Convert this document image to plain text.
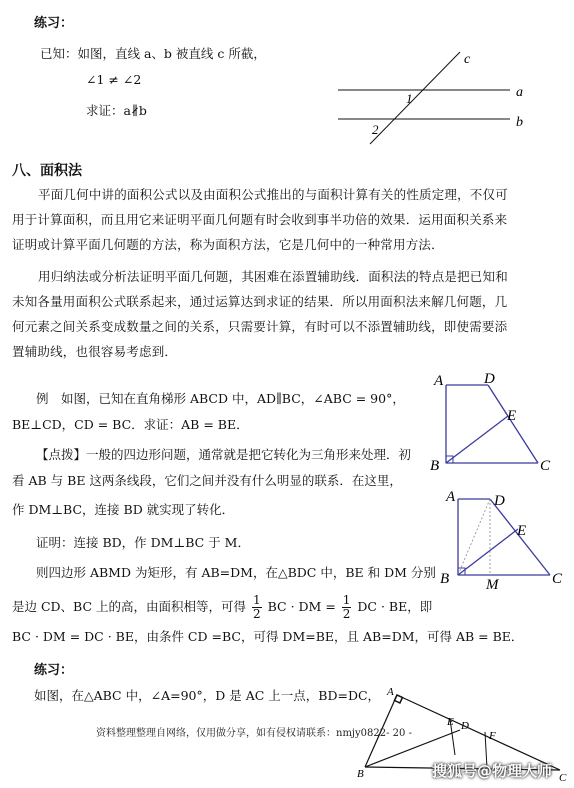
练习：
已知：如图，直线 a、b 被直线 c 所截，
∠1 ≠ ∠2
求证：a∦b
c
a
b
1
2
八、面积法
平面几何中讲的面积公式以及由面积公式推出的与面积计算有关的性质定理，不仅可用于计算面积，而且用它来证明平面几何题有时会收到事半功倍的效果．运用面积关系来证明或计算平面几何题的方法，称为面积方法，它是几何中的一种常用方法．
用归纳法或分析法证明平面几何题，其困难在添置辅助线．面积法的特点是把已知和未知各量用面积公式联系起来，通过运算达到求证的结果．所以用面积法来解几何题，几何元素之间关系变成数量之间的关系，只需要计算，有时可以不添置辅助线，即使需要添置辅助线，也很容易考虑到．
例　如图，已知在直角梯形 ABCD 中，AD∥BC，∠ABC = 90°，
BE⊥CD，CD = BC．求证：AB = BE．
【点拨】一般的四边形问题，通常就是把它转化为三角形来处理．初
看 AB 与 BE 这两条线段，它们之间并没有什么明显的联系．在这里，
作 DM⊥BC，连接 BD 就实现了转化．
证明：连接 BD，作 DM⊥BC 于 M．
则四边形 ABMD 为矩形，有 AB=DM，在△BDC 中，BE 和 DM 分别
是边 CD、BC 上的高，由面积相等，可得 $\frac{1}{2}$ BC · DM = $\frac{1}{2}$ DC · BE，即
BC · DM = DC · BE，由条件 CD =BC，可得 DM=BE，且 AB=DM，可得 AB = BE．
A	D
E
B	C
A	D
E
B M	C
练习：
如图，在△ABC 中，∠A=90°，D 是 AC 上一点，BD=DC， A
E D
F
B	C
资料整理整理自网络，仅用做分享，如有侵权请联系：nmjy0822- 20 -
搜狐号@物理大师
